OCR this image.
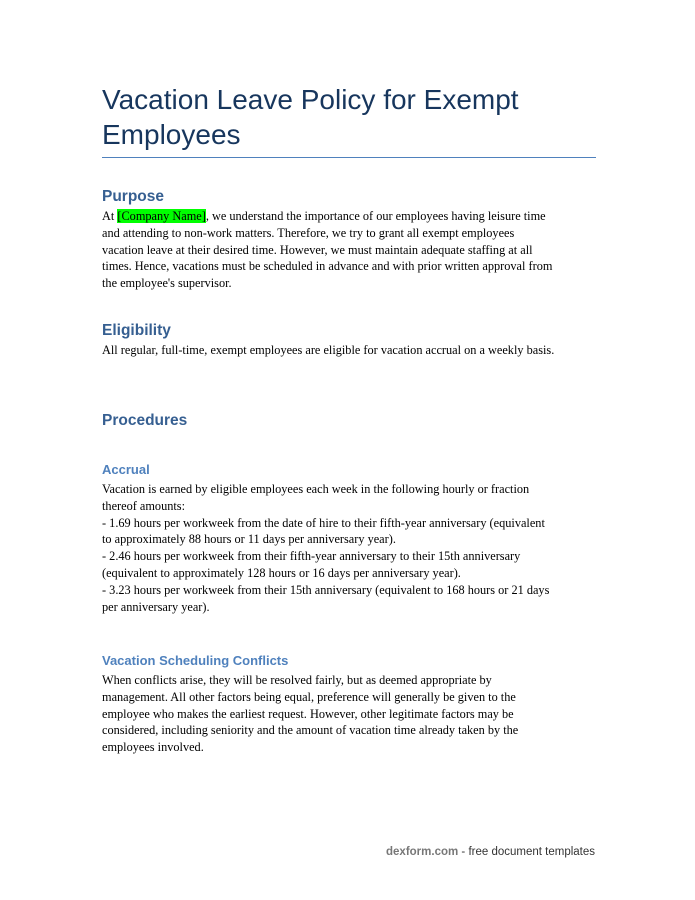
Vacation Leave Policy for Exempt
Employees
Purpose
At [Company Name], we understand the importance of our employees having leisure time
and attending to non-work matters. Therefore, we try to grant all exempt employees
vacation leave at their desired time. However, we must maintain adequate staffing at all
times. Hence, vacations must be scheduled in advance and with prior written approval from
the employee's supervisor.
Eligibility
All regular, full-time, exempt employees are eligible for vacation accrual on a weekly basis.
Procedures
Accrual
Vacation is earned by eligible employees each week in the following hourly or fraction
thereof amounts:
- 1.69 hours per workweek from the date of hire to their fifth-year anniversary (equivalent
to approximately 88 hours or 11 days per anniversary year).
- 2.46 hours per workweek from their fifth-year anniversary to their 15th anniversary
(equivalent to approximately 128 hours or 16 days per anniversary year).
- 3.23 hours per workweek from their 15th anniversary (equivalent to 168 hours or 21 days
per anniversary year).
Vacation Scheduling Conflicts
When conflicts arise, they will be resolved fairly, but as deemed appropriate by
management. All other factors being equal, preference will generally be given to the
employee who makes the earliest request. However, other legitimate factors may be
considered, including seniority and the amount of vacation time already taken by the
employees involved.
dexform.com - free document templates
